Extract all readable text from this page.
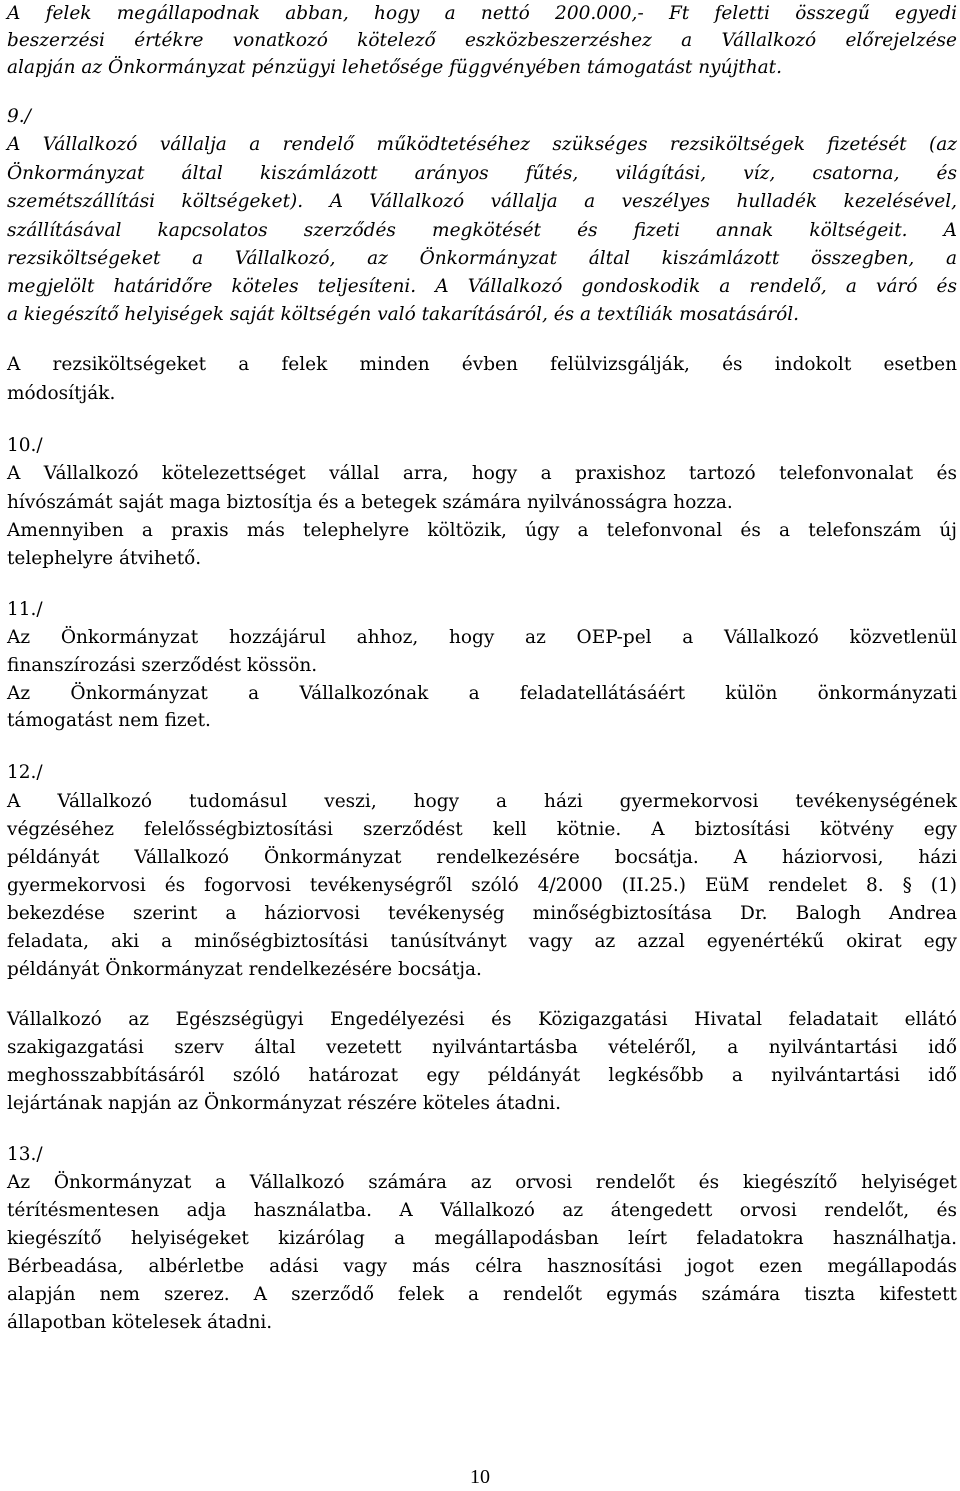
A felek megállapodnak abban, hogy a nettó 200.000,- Ft feletti összegű egyedi
beszerzési értékre vonatkozó kötelező eszközbeszerzéshez a Vállalkozó előrejelzése
alapján az Önkormányzat pénzügyi lehetősége függvényében támogatást nyújthat.
9./
A Vállalkozó vállalja a rendelő működtetéséhez szükséges rezsiköltségek fizetését (az
Önkormányzat által kiszámlázott arányos fűtés, világítási, víz, csatorna, és
szemétszállítási költségeket). A Vállalkozó vállalja a veszélyes hulladék kezelésével,
szállításával kapcsolatos szerződés megkötését és fizeti annak költségeit. A
rezsiköltségeket a Vállalkozó, az Önkormányzat által kiszámlázott összegben, a
megjelölt határidőre köteles teljesíteni. A Vállalkozó gondoskodik a rendelő, a váró és
a kiegészítő helyiségek saját költségén való takarításáról, és a textíliák mosatásáról.
A rezsiköltségeket a felek minden évben felülvizsgálják, és indokolt esetben
módosítják.
10./
A Vállalkozó kötelezettséget vállal arra, hogy a praxishoz tartozó telefonvonalat és
hívószámát saját maga biztosítja és a betegek számára nyilvánosságra hozza.
Amennyiben a praxis más telephelyre költözik, úgy a telefonvonal és a telefonszám új
telephelyre átvihető.
11./
Az Önkormányzat hozzájárul ahhoz, hogy az OEP-pel a Vállalkozó közvetlenül
finanszírozási szerződést kössön.
Az Önkormányzat a Vállalkozónak a feladatellátásáért külön önkormányzati
támogatást nem fizet.
12./
A Vállalkozó tudomásul veszi, hogy a házi gyermekorvosi tevékenységének
végzéséhez felelősségbiztosítási szerződést kell kötnie. A biztosítási kötvény egy
példányát Vállalkozó Önkormányzat rendelkezésére bocsátja. A háziorvosi, házi
gyermekorvosi és fogorvosi tevékenységről szóló 4/2000 (II.25.) EüM rendelet 8. § (1)
bekezdése szerint a háziorvosi tevékenység minőségbiztosítása Dr. Balogh Andrea
feladata, aki a minőségbiztosítási tanúsítványt vagy az azzal egyenértékű okirat egy
példányát Önkormányzat rendelkezésére bocsátja.
Vállalkozó az Egészségügyi Engedélyezési és Közigazgatási Hivatal feladatait ellátó
szakigazgatási szerv által vezetett nyilvántartásba vételéről, a nyilvántartási idő
meghosszabbításáról szóló határozat egy példányát legkésőbb a nyilvántartási idő
lejártának napján az Önkormányzat részére köteles átadni.
13./
Az Önkormányzat a Vállalkozó számára az orvosi rendelőt és kiegészítő helyiséget
térítésmentesen adja használatba. A Vállalkozó az átengedett orvosi rendelőt, és
kiegészítő helyiségeket kizárólag a megállapodásban leírt feladatokra használhatja.
Bérbeadása, albérletbe adási vagy más célra hasznosítási jogot ezen megállapodás
alapján nem szerez. A szerződő felek a rendelőt egymás számára tiszta kifestett
állapotban kötelesek átadni.
10
